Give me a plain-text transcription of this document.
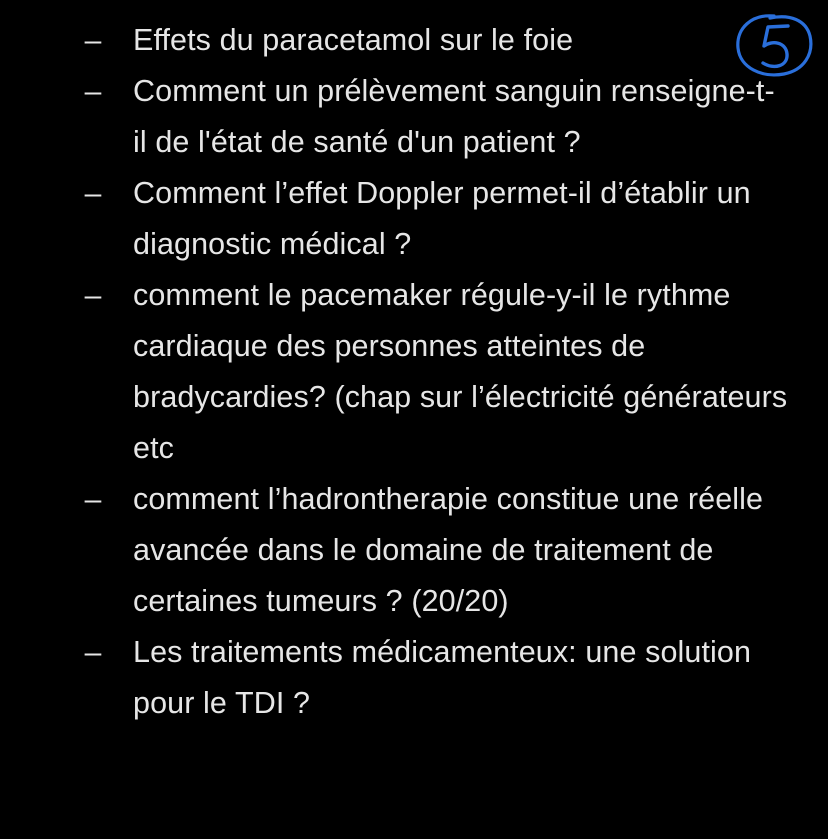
– Effets du paracetamol sur le foie
– Comment un prélèvement sanguin renseigne-t-il de l'état de santé d'un patient ?
– Comment l’effet Doppler permet-il d’établir un diagnostic médical ?
– comment le pacemaker régule-y-il le rythme cardiaque des personnes atteintes de bradycardies? (chap sur l’électricité générateurs etc
– comment l’hadrontherapie constitue une réelle avancée dans le domaine de traitement de certaines tumeurs ? (20/20)
– Les traitements médicamenteux: une solution pour le TDI ?
